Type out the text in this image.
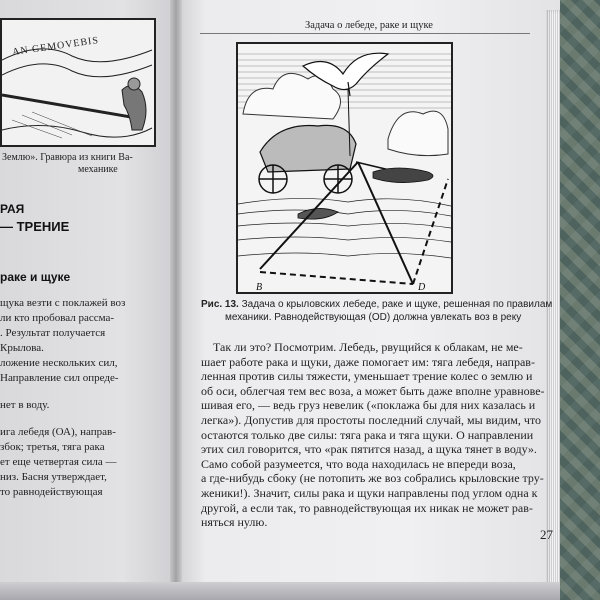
AN GEMOVEBIS
Землю». Гравюра из книги Ва-
механике
РАЯ
— ТРЕНИЕ
раке и щуке
щука везти с поклажей воз
ли кто пробовал рассма-
. Результат получается
Крылова.
ложение нескольких сил,
Направление сил опреде-
нет в воду.
ига лебедя (ОА), направ-
збок; третья, тяга рака
ет еще четвертая сила —
низ. Басня утверждает,
то равнодействующая
Задача о лебеде, раке и щуке
B	D
Рис. 13. Задача о крыловских лебеде, раке и щуке, решенная по правилам
механики. Равнодействующая (OD) должна увлекать воз в реку
Так ли это? Посмотрим. Лебедь, рвущийся к облакам, не ме-
шает работе рака и щуки, даже помогает им: тяга лебедя, направ-
ленная против силы тяжести, уменьшает трение колес о землю и
об оси, облегчая тем вес воза, а может быть даже вполне уравнове-
шивая его, — ведь груз невелик («поклажа бы для них казалась и
легка»). Допустив для простоты последний случай, мы видим, что
остаются только две силы: тяга рака и тяга щуки. О направлении
этих сил говорится, что «рак пятится назад, а щука тянет в воду».
Само собой разумеется, что вода находилась не впереди воза,
а где-нибудь сбоку (не потопить же воз собрались крыловские тру-
женики!). Значит, силы рака и щуки направлены под углом одна к
другой, а если так, то равнодействующая их никак не может рав-
няться нулю.
27
